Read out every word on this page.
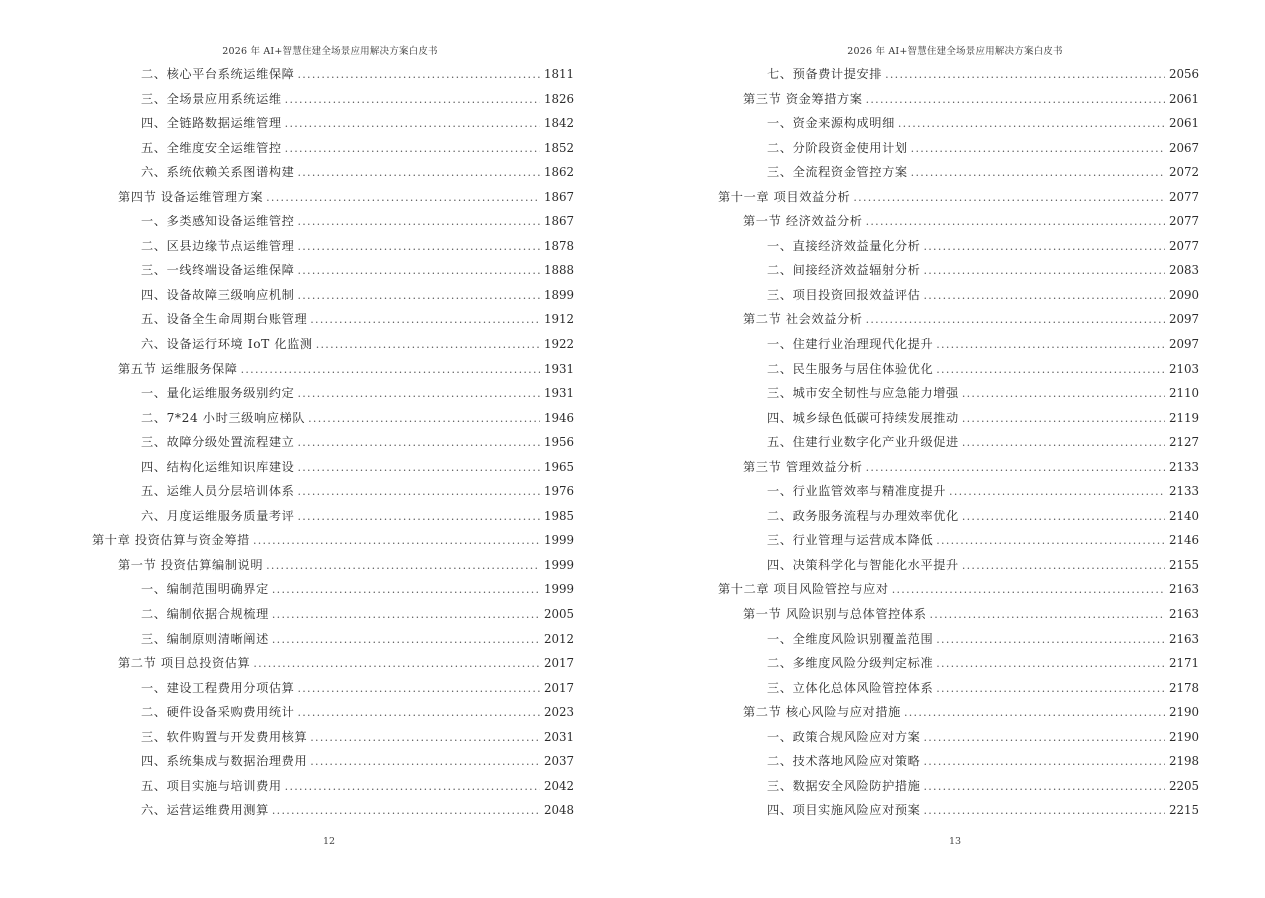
2026 年 AI+智慧住建全场景应用解决方案白皮书
二、核心平台系统运维保障 . . .	1811
三、全场景应用系统运维 . . .	1826
四、全链路数据运维管理 . . .	1842
五、全维度安全运维管控 . . .	1852
六、系统依赖关系图谱构建 . . .	1862
第四节 设备运维管理方案 . . .	1867
一、多类感知设备运维管控 . . .	1867
二、区县边缘节点运维管理 . . .	1878
三、一线终端设备运维保障 . . .	1888
四、设备故障三级响应机制 . . .	1899
五、设备全生命周期台账管理 . . .	1912
六、设备运行环境 IoT 化监测 . . .	1922
第五节 运维服务保障 . . .	1931
一、量化运维服务级别约定 . . .	1931
二、7*24 小时三级响应梯队 . . .	1946
三、故障分级处置流程建立 . . .	1956
四、结构化运维知识库建设 . . .	1965
五、运维人员分层培训体系 . . .	1976
六、月度运维服务质量考评 . . .	1985
第十章 投资估算与资金筹措 . . .	1999
第一节 投资估算编制说明 . . .	1999
一、编制范围明确界定 . . .	1999
二、编制依据合规梳理 . . .	2005
三、编制原则清晰阐述 . . .	2012
第二节 项目总投资估算 . . .	2017
一、建设工程费用分项估算 . . .	2017
二、硬件设备采购费用统计 . . .	2023
三、软件购置与开发费用核算 . . .	2031
四、系统集成与数据治理费用 . . .	2037
五、项目实施与培训费用 . . .	2042
六、运营运维费用测算 . . .	2048
12
2026 年 AI+智慧住建全场景应用解决方案白皮书
七、预备费计提安排 . . .	2056
第三节 资金筹措方案 . . .	2061
一、资金来源构成明细 . . .	2061
二、分阶段资金使用计划 . . .	2067
三、全流程资金管控方案 . . .	2072
第十一章 项目效益分析 . . .	2077
第一节 经济效益分析 . . .	2077
一、直接经济效益量化分析 . . .	2077
二、间接经济效益辐射分析 . . .	2083
三、项目投资回报效益评估 . . .	2090
第二节 社会效益分析 . . .	2097
一、住建行业治理现代化提升 . . .	2097
二、民生服务与居住体验优化 . . .	2103
三、城市安全韧性与应急能力增强 . . .	2110
四、城乡绿色低碳可持续发展推动 . . .	2119
五、住建行业数字化产业升级促进 . . .	2127
第三节 管理效益分析 . . .	2133
一、行业监管效率与精准度提升 . . .	2133
二、政务服务流程与办理效率优化 . . .	2140
三、行业管理与运营成本降低 . . .	2146
四、决策科学化与智能化水平提升 . . .	2155
第十二章 项目风险管控与应对 . . .	2163
第一节 风险识别与总体管控体系 . . .	2163
一、全维度风险识别覆盖范围 . . .	2163
二、多维度风险分级判定标准 . . .	2171
三、立体化总体风险管控体系 . . .	2178
第二节 核心风险与应对措施 . . .	2190
一、政策合规风险应对方案 . . .	2190
二、技术落地风险应对策略 . . .	2198
三、数据安全风险防护措施 . . .	2205
四、项目实施风险应对预案 . . .	2215
13
